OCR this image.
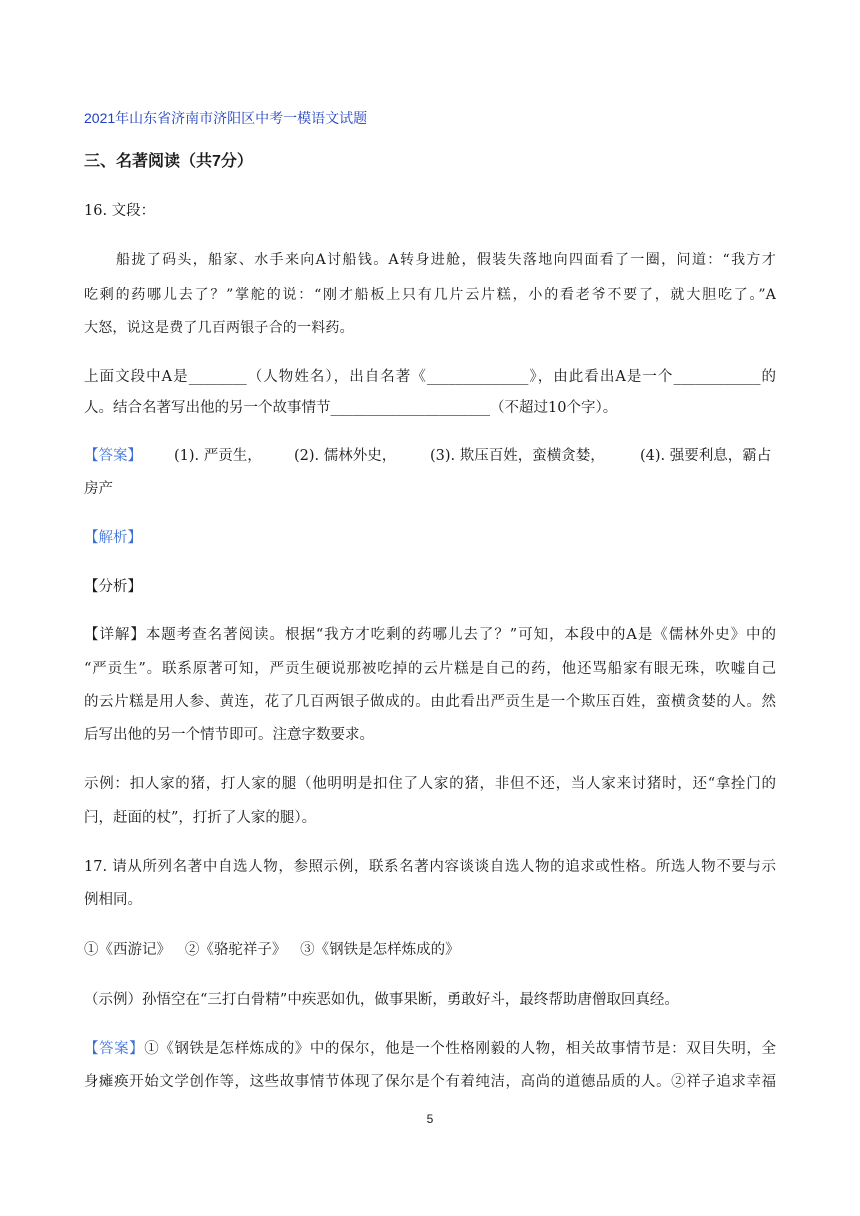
2021年山东省济南市济阳区中考一模语文试题
三、名著阅读（共7分）
16. 文段：
船拢了码头，船家、水手来向A讨船钱。A转身进舱，假装失落地向四面看了一圈，问道：“我方才
吃剩的药哪儿去了？”掌舵的说：“刚才船板上只有几片云片糕，小的看老爷不要了，就大胆吃了。”A
大怒，说这是费了几百两银子合的一料药。
上面文段中A是________（人物姓名），出自名著《______________》，由此看出A是一个____________的
人。结合名著写出他的另一个故事情节______________________（不超过10个字）。
【答案】 (1). 严贡生， (2). 儒林外史， (3). 欺压百姓，蛮横贪婪， (4). 强要利息，霸占
房产
【解析】
【分析】
【详解】本题考查名著阅读。根据“我方才吃剩的药哪儿去了？”可知，本段中的A是《儒林外史》中的
“严贡生”。联系原著可知，严贡生硬说那被吃掉的云片糕是自己的药，他还骂船家有眼无珠，吹嘘自己
的云片糕是用人参、黄连，花了几百两银子做成的。由此看出严贡生是一个欺压百姓，蛮横贪婪的人。然
后写出他的另一个情节即可。注意字数要求。
示例：扣人家的猪，打人家的腿（他明明是扣住了人家的猪，非但不还，当人家来讨猪时，还“拿拴门的
闩，赶面的杖”，打折了人家的腿）。
17. 请从所列名著中自选人物，参照示例，联系名著内容谈谈自选人物的追求或性格。所选人物不要与示
例相同。
①《西游记》   ②《骆驼祥子》   ③《钢铁是怎样炼成的》
（示例）孙悟空在“三打白骨精”中疾恶如仇，做事果断，勇敢好斗，最终帮助唐僧取回真经。
【答案】①《钢铁是怎样炼成的》中的保尔，他是一个性格刚毅的人物，相关故事情节是：双目失明，全
身瘫痪开始文学创作等，这些故事情节体现了保尔是个有着纯洁，高尚的道德品质的人。②祥子追求幸福
5
